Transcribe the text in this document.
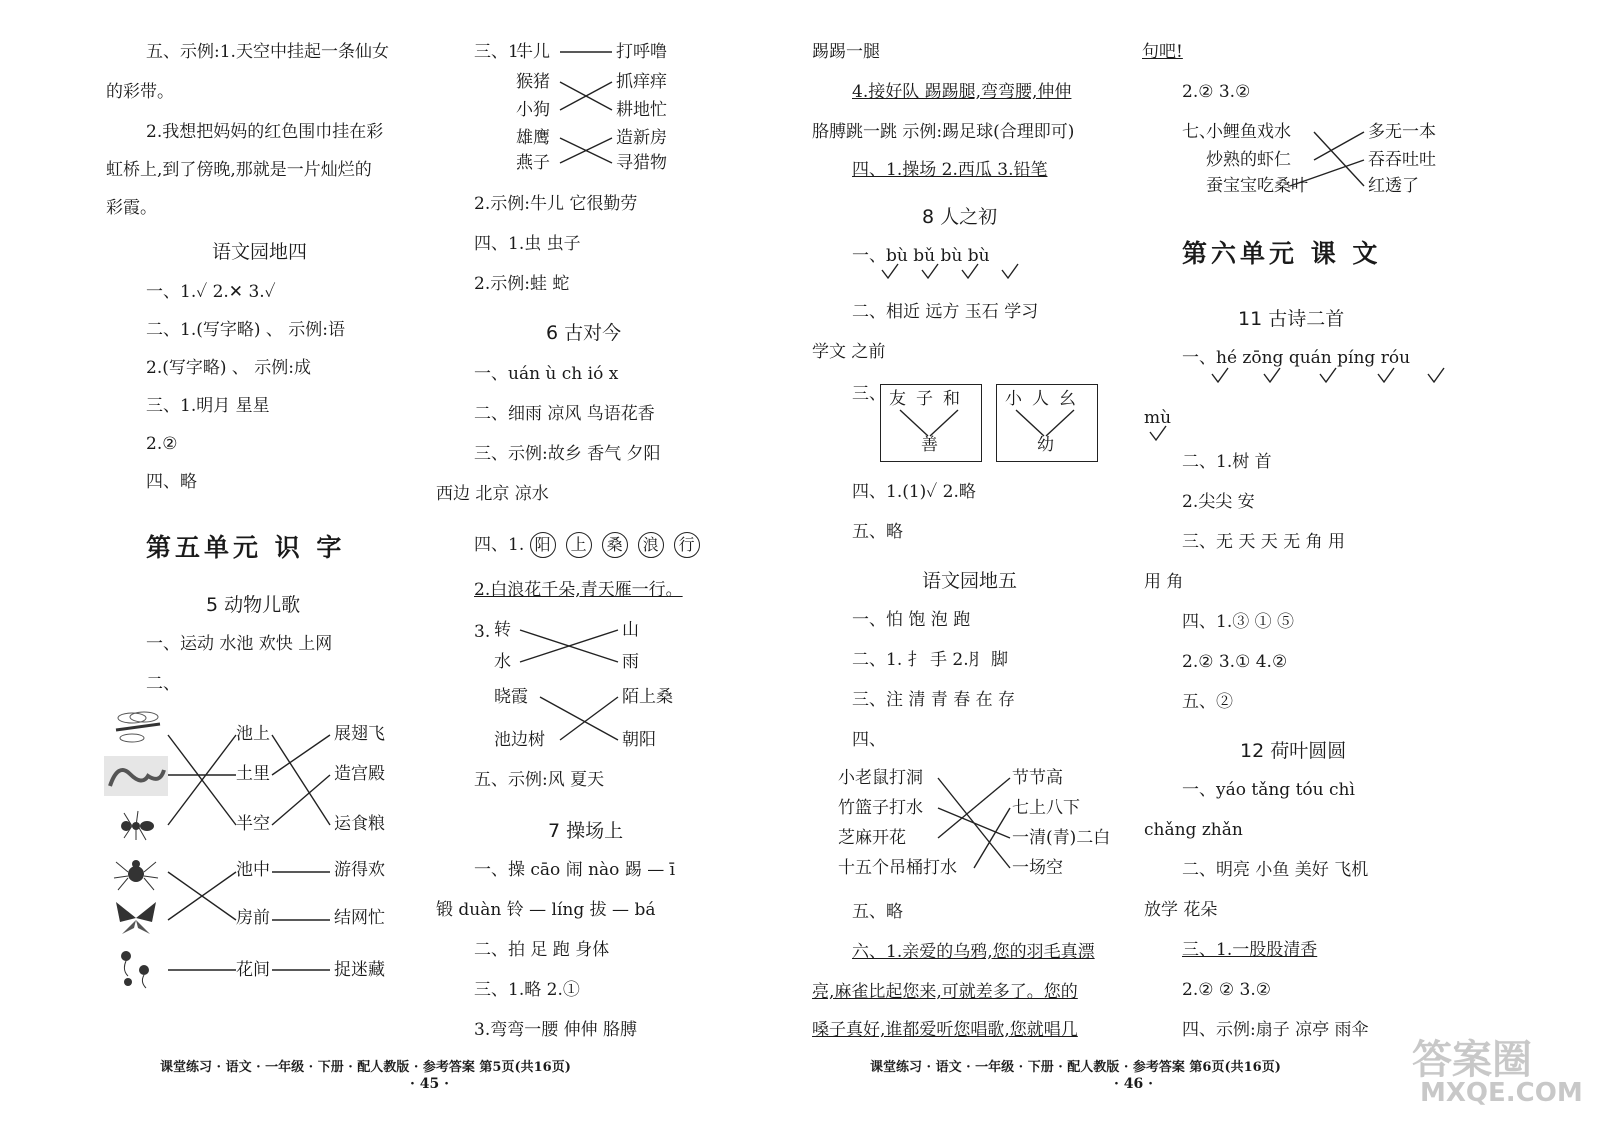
五、示例:1.天空中挂起一条仙女
的彩带。
2.我想把妈妈的红色围巾挂在彩
虹桥上,到了傍晚,那就是一片灿烂的
彩霞。
语文园地四
一、1.✓ 2.✕ 3.✓
二、1.(写字略) 、 示例:语
2.(写字略) 、 示例:成
三、1.明月 星星
2.②
四、略
第五单元 识 字
5 动物儿歌
一、运动 水池 欢快 上网
二、
池上
土里
半空
池中
房前
花间
展翅飞
造宫殿
运食粮
游得欢
结网忙
捉迷藏
三、1.
牛儿
猴猪
小狗
雄鹰
燕子
打呼噜
抓痒痒
耕地忙
造新房
寻猎物
2.示例:牛儿 它很勤劳
四、1.虫 虫子
2.示例:蛙 蛇
6 古对今
一、uán ù ch ió x
二、细雨 凉风 鸟语花香
三、示例:故乡 香气 夕阳
西边 北京 凉水
四、1. 阳 上 桑 浪 行
2.白浪花千朵,青天雁一行。
3. 转
水
晓霞
池边树
山
雨
陌上桑
朝阳
五、示例:风 夏天
7 操场上
一、操 cāo 闹 nào 踢 — ī
锻 duàn 铃 — líng 拔 — bá
二、拍 足 跑 身体
三、1.略 2.①
3.弯弯一腰 伸伸 胳膊
课堂练习 · 语文 · 一年级 · 下册 · 配人教版 · 参考答案 第5页(共16页)
· 45 ·
踢踢一腿
4.接好队 踢踢腿,弯弯腰,伸伸
胳膊跳一跳 示例:踢足球(合理即可)
四、1.操场 2.西瓜 3.铅笔
8 人之初
一、bù bǔ bù bù
二、相近 远方 玉石 学习
学文 之前
三、 友子和
善
小人幺
幼
四、1.(1)✓ 2.略
五、略
语文园地五
一、怕 饱 泡 跑
二、1. ⺘ 手 2.⺼ 脚
三、注 清 青 春 在 存
四、
小老鼠打洞
竹篮子打水
芝麻开花
十五个吊桶打水
节节高
七上八下
一清(青)二白
一场空
五、略
六、1.亲爱的乌鸦,您的羽毛真漂
亮,麻雀比起您来,可就差多了。您的
嗓子真好,谁都爱听您唱歌,您就唱几
课堂练习 · 语文 · 一年级 · 下册 · 配人教版 · 参考答案 第6页(共16页)
· 46 ·
句吧!
2.② 3.②
七、
小鲤鱼戏水
炒熟的虾仁
蚕宝宝吃桑叶
多无一本
吞吞吐吐
红透了
第六单元 课 文
11 古诗二首
一、hé zōng quán píng róu
mù
二、1.树 首
2.尖尖 安
三、无 天 天 无 角 用
用 角
四、1.③ ① ⑤
2.② 3.① 4.②
五、②
12 荷叶圆圆
一、yáo tǎng tóu chì
chǎng zhǎn
二、明亮 小鱼 美好 飞机
放学 花朵
三、1.一股股清香
2.② ② 3.②
四、示例:扇子 凉亭 雨伞
答案圈
MXQE.COM
